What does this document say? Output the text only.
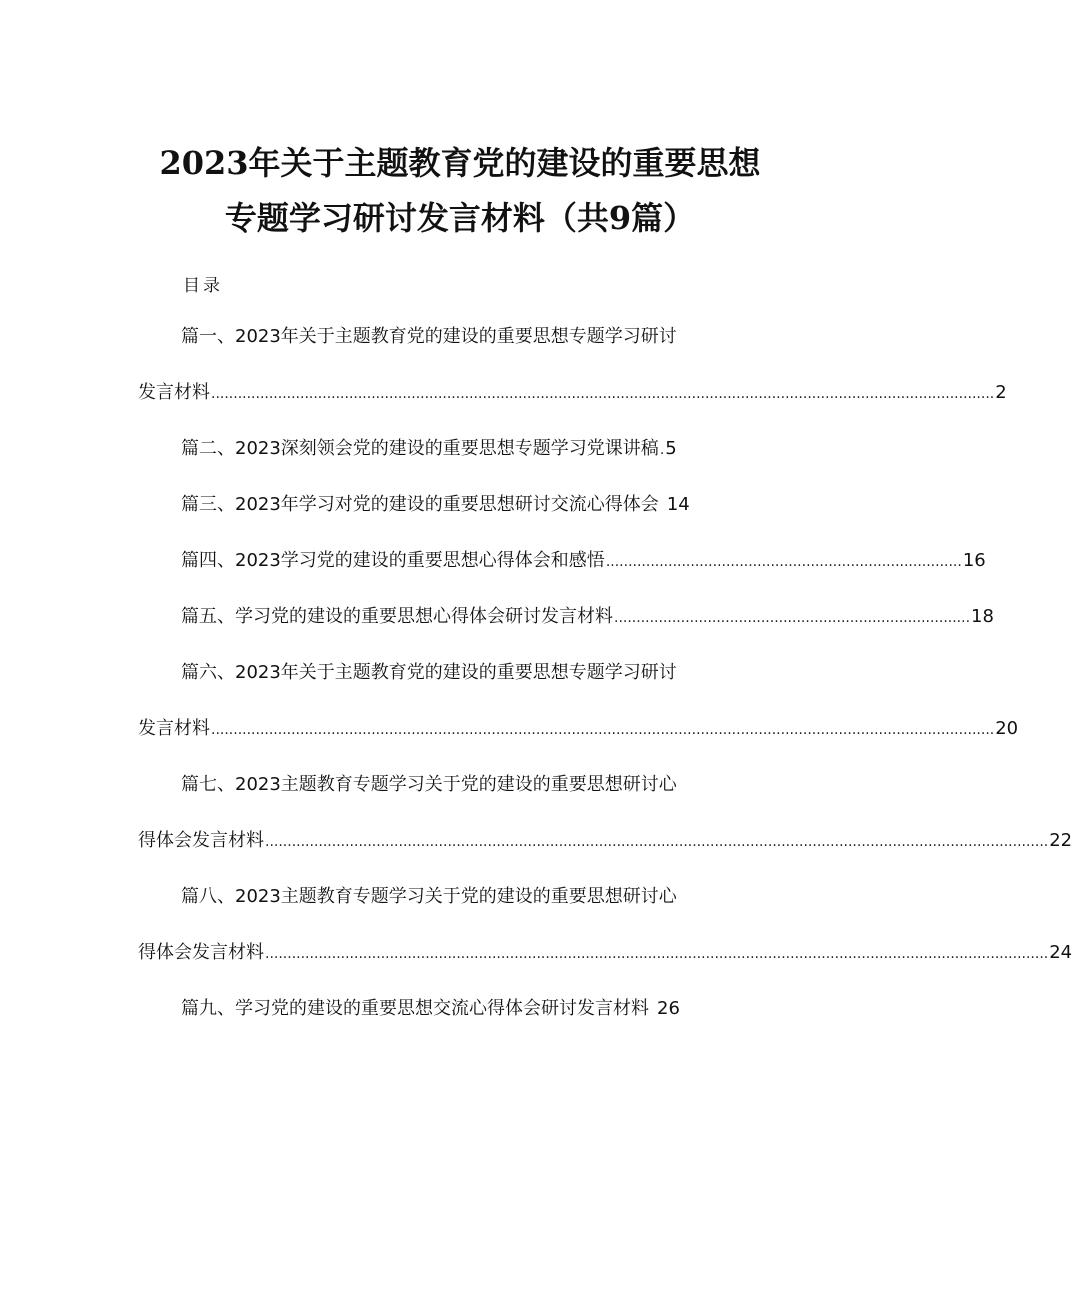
2023年关于主题教育党的建设的重要思想
专题学习研讨发言材料（共9篇）
目录
篇一、2023年关于主题教育党的建设的重要思想专题学习研讨
发言材料 ................................................................................................................................................................................ 2
篇二、2023深刻领会党的建设的重要思想专题学习党课讲稿 . 5
篇三、2023年学习对党的建设的重要思想研讨交流心得体会 14
篇四、2023学习党的建设的重要思想心得体会和感悟 ................................................................................ 16
篇五、学习党的建设的重要思想心得体会研讨发言材料 ................................................................................ 18
篇六、2023年关于主题教育党的建设的重要思想专题学习研讨
发言材料 ................................................................................................................................................................................ 20
篇七、2023主题教育专题学习关于党的建设的重要思想研讨心
得体会发言材料 ................................................................................................................................................................................ 22
篇八、2023主题教育专题学习关于党的建设的重要思想研讨心
得体会发言材料 ................................................................................................................................................................................ 24
篇九、学习党的建设的重要思想交流心得体会研讨发言材料 26
